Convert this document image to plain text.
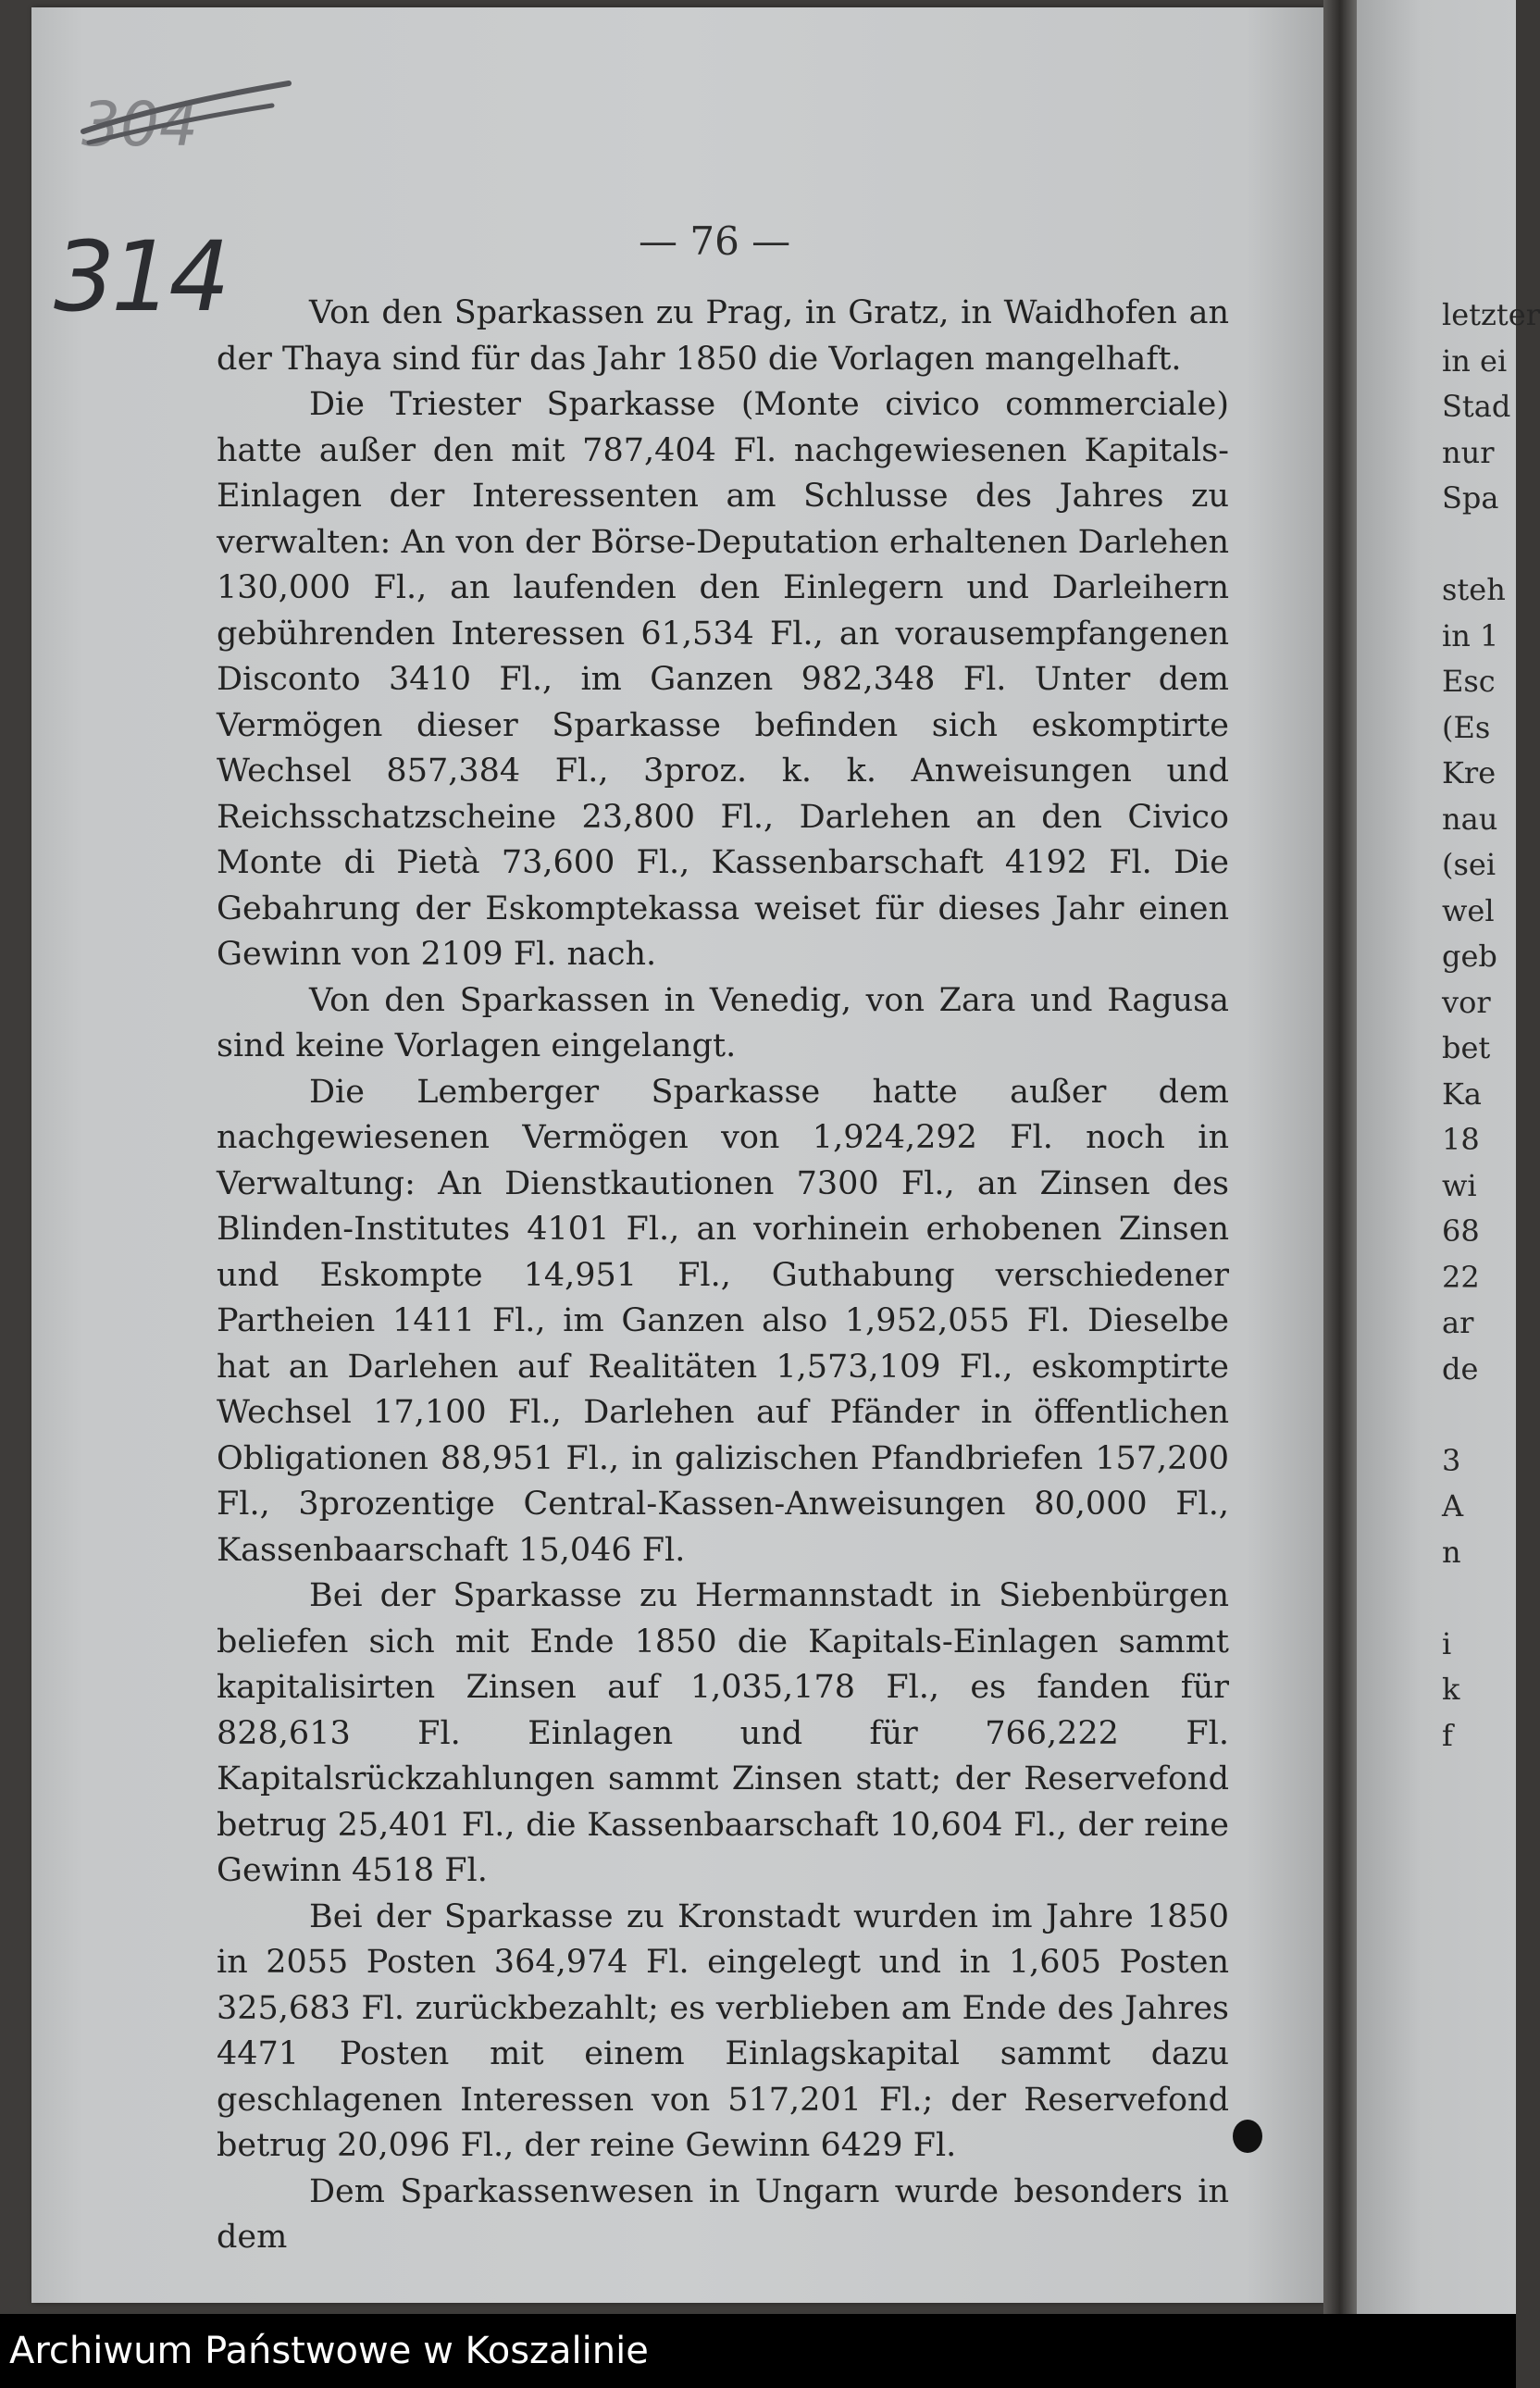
304

314	— 76 —

Von den Sparkassen zu Prag, in Gratz, in Waidhofen an der Thaya sind für das Jahr 1850 die Vorlagen mangelhaft.

Die Triester Sparkasse (Monte civico commerciale) hatte außer den mit 787,404 Fl. nachgewiesenen Kapitals-Einlagen der Interessenten am Schlusse des Jahres zu verwalten: An von der Börse-Deputation erhaltenen Darlehen 130,000 Fl., an laufenden den Einlegern und Darleihern gebührenden Interessen 61,534 Fl., an vorausempfangenen Disconto 3410 Fl., im Ganzen 982,348 Fl. Unter dem Vermögen dieser Sparkasse befinden sich eskomptirte Wechsel 857,384 Fl., 3proz. k. k. Anweisungen und Reichsschatzscheine 23,800 Fl., Darlehen an den Civico Monte di Pietà 73,600 Fl., Kassenbarschaft 4192 Fl. Die Gebahrung der Eskomptekassa weiset für dieses Jahr einen Gewinn von 2109 Fl. nach.

Von den Sparkassen in Venedig, von Zara und Ragusa sind keine Vorlagen eingelangt.

Die Lemberger Sparkasse hatte außer dem nachgewiesenen Vermögen von 1,924,292 Fl. noch in Verwaltung: An Dienstkautionen 7300 Fl., an Zinsen des Blinden-Institutes 4101 Fl., an vorhinein erhobenen Zinsen und Eskompte 14,951 Fl., Guthabung verschiedener Partheien 1411 Fl., im Ganzen also 1,952,055 Fl. Dieselbe hat an Darlehen auf Realitäten 1,573,109 Fl., eskomptirte Wechsel 17,100 Fl., Darlehen auf Pfänder in öffentlichen Obligationen 88,951 Fl., in galizischen Pfandbriefen 157,200 Fl., 3prozentige Central-Kassen-Anweisungen 80,000 Fl., Kassenbaarschaft 15,046 Fl.

Bei der Sparkasse zu Hermannstadt in Siebenbürgen beliefen sich mit Ende 1850 die Kapitals-Einlagen sammt kapitalisirten Zinsen auf 1,035,178 Fl., es fanden für 828,613 Fl. Einlagen und für 766,222 Fl. Kapitalsrückzahlungen sammt Zinsen statt; der Reservefond betrug 25,401 Fl., die Kassenbaarschaft 10,604 Fl., der reine Gewinn 4518 Fl.

Bei der Sparkasse zu Kronstadt wurden im Jahre 1850 in 2055 Posten 364,974 Fl. eingelegt und in 1,605 Posten 325,683 Fl. zurückbezahlt; es verblieben am Ende des Jahres 4471 Posten mit einem Einlagskapital sammt dazu geschlagenen Interessen von 517,201 Fl.; der Reservefond betrug 20,096 Fl., der reine Gewinn 6429 Fl.

Dem Sparkassenwesen in Ungarn wurde besonders in dem

letzter
in ei
Stad
nur
Spa

steh
in 1
Esc
(Es
Kre
nau
(sei
wel
geb
vor
bet
Ka
18
wi
68
22
ar
de

3
A
n

i
k
f
Archiwum Państwowe w Koszalinie
